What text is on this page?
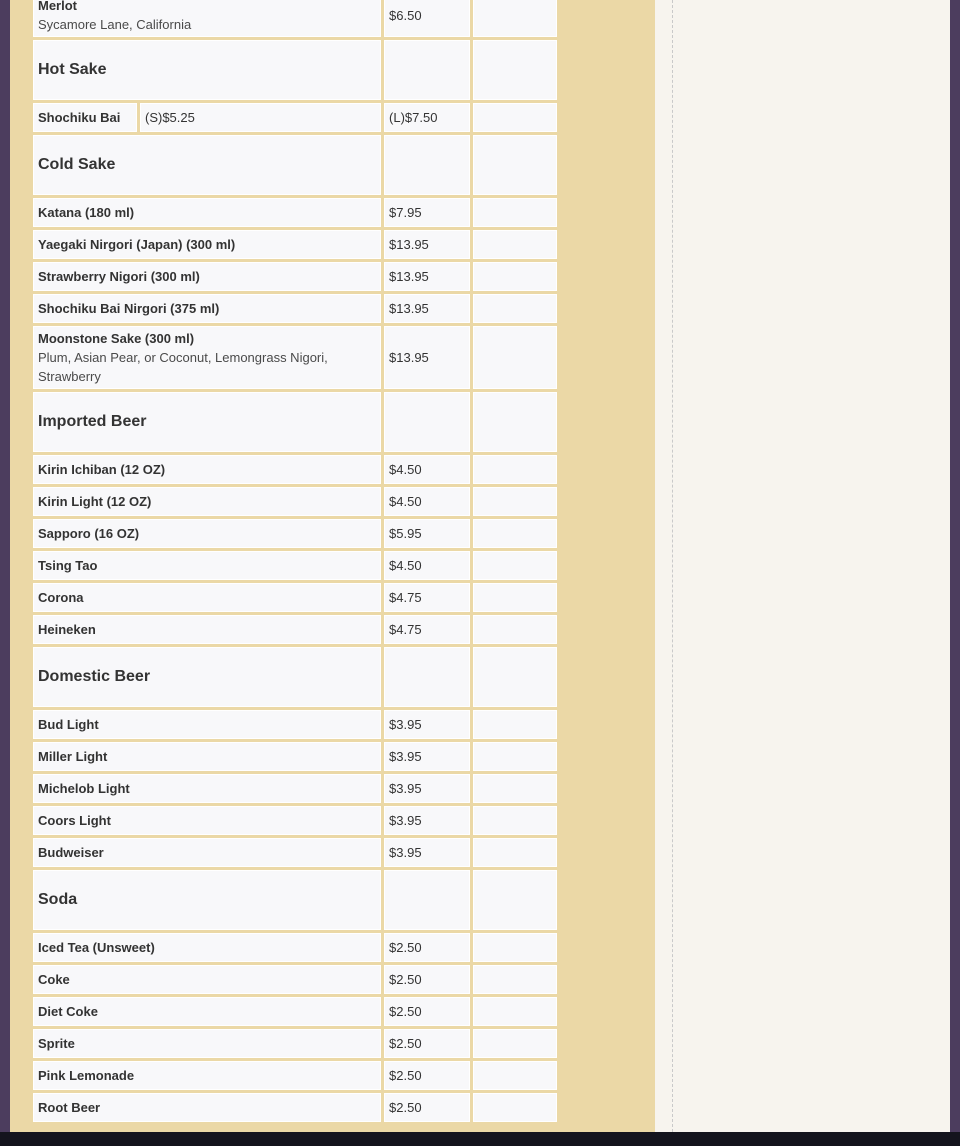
Merlot
Sycamore Lane, California		$6.50	

Hot Sake

Shochiku Bai	(S)$5.25	(L)$7.50	

Cold Sake

Katana (180 ml)		$7.95	

Yaegaki Nirgori (Japan) (300 ml)		$13.95	

Strawberry Nigori (300 ml)		$13.95	

Shochiku Bai Nirgori (375 ml)		$13.95	

Moonstone Sake (300 ml)
Plum, Asian Pear, or Coconut, Lemongrass Nigori, Strawberry		$13.95	

Imported Beer

Kirin Ichiban (12 OZ)		$4.50	

Kirin Light (12 OZ)		$4.50	

Sapporo (16 OZ)		$5.95	

Tsing Tao		$4.50	

Corona		$4.75	

Heineken		$4.75	

Domestic Beer

Bud Light		$3.95	

Miller Light		$3.95	

Michelob Light		$3.95	

Coors Light		$3.95	

Budweiser		$3.95	

Soda

Iced Tea (Unsweet)		$2.50	

Coke		$2.50	

Diet Coke		$2.50	

Sprite		$2.50	

Pink Lemonade		$2.50	

Root Beer		$2.50	
